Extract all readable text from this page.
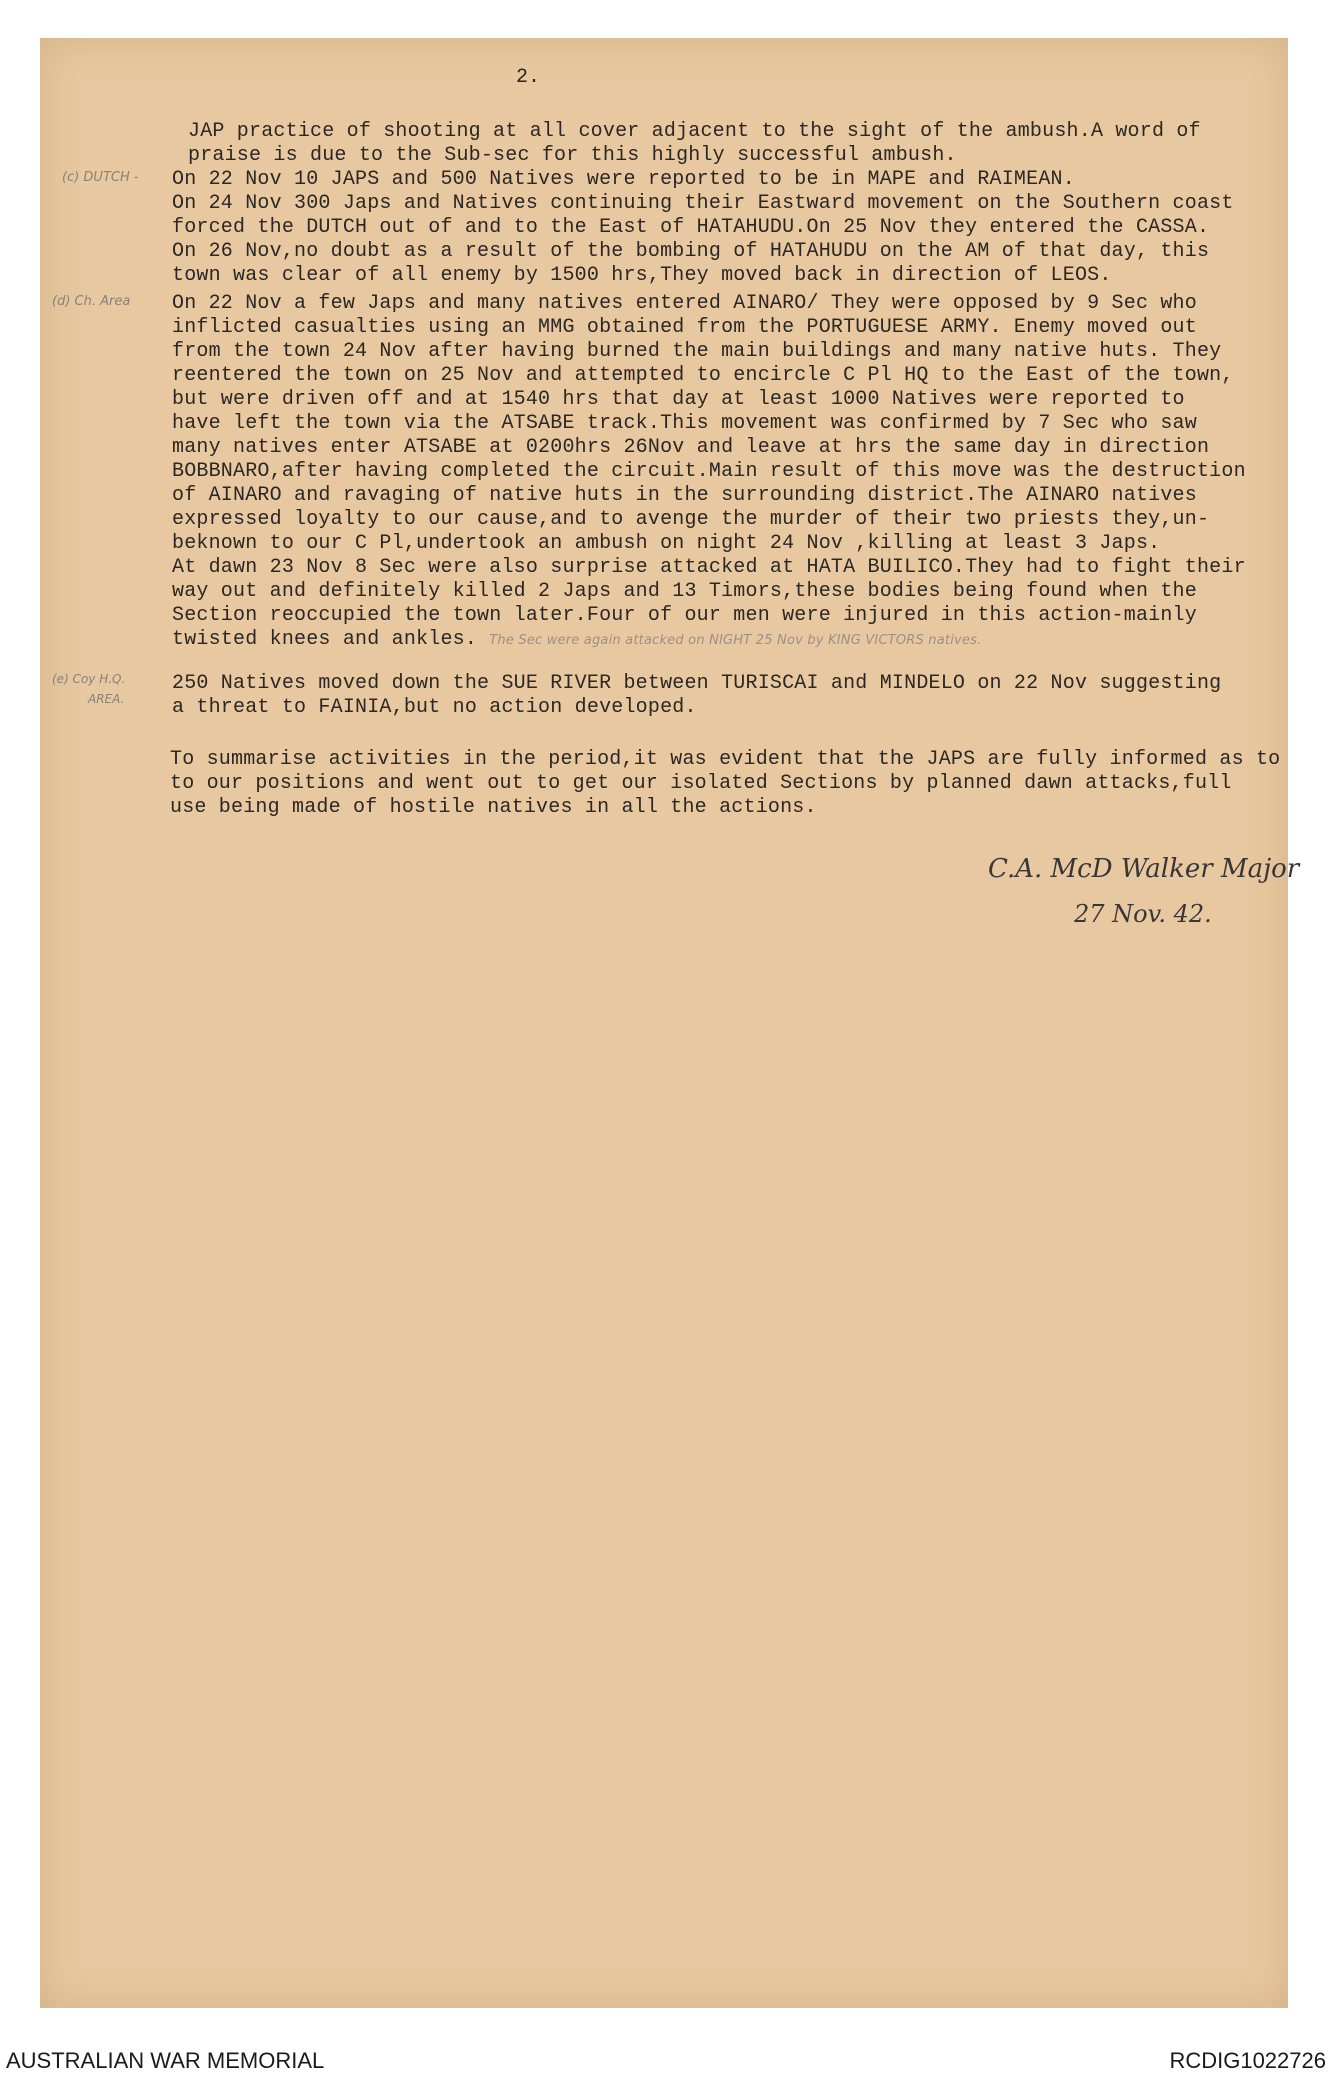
2.
JAP practice of shooting at all cover adjacent to the sight of the ambush.A word of
praise is due to the Sub-sec for this highly successful ambush.
(c) DUTCH - On 22 Nov 10 JAPS and 500 Natives were reported to be in MAPE and RAIMEAN.
On 24 Nov 300 Japs and Natives continuing their Eastward movement on the Southern coast
forced the DUTCH out of and to the East of HATAHUDU.On 25 Nov they entered the CASSA.
On 26 Nov,no doubt as a result of the bombing of HATAHUDU on the AM of that day, this
town was clear of all enemy by 1500 hrs,They moved back in direction of LEOS.
(d) Ch. Area On 22 Nov a few Japs and many natives entered AINARO/ They were opposed by 9 Sec who
inflicted casualties using an MMG obtained from the PORTUGUESE ARMY. Enemy moved out
from the town 24 Nov after having burned the main buildings and many native huts. They
reentered the town on 25 Nov and attempted to encircle C Pl HQ to the East of the town,
but were driven off and at 1540 hrs that day at least 1000 Natives were reported to
have left the town via the ATSABE track.This movement was confirmed by 7 Sec who saw
many natives enter ATSABE at 0200hrs 26Nov and leave at hrs the same day in direction
BOBBNARO,after having completed the circuit.Main result of this move was the destruction
of AINARO and ravaging of native huts in the surrounding district.The AINARO natives
expressed loyalty to our cause,and to avenge the murder of their two priests they,un-
beknown to our C Pl,undertook an ambush on night 24 Nov ,killing at least 3 Japs.
At dawn 23 Nov 8 Sec were also surprise attacked at HATA BUILICO.They had to fight their
way out and definitely killed 2 Japs and 13 Timors,these bodies being found when the
Section reoccupied the town later.Four of our men were injured in this action-mainly
twisted knees and ankles. The Sec were again attacked on NIGHT 25 Nov by KING VICTORS natives.
(e) Coy H.Q.
AREA.
250 Natives moved down the SUE RIVER between TURISCAI and MINDELO on 22 Nov suggesting
a threat to FAINIA,but no action developed.
To summarise activities in the period,it was evident that the JAPS are fully informed as to
to our positions and went out to get our isolated Sections by planned dawn attacks,full
use being made of hostile natives in all the actions.
C.A. McD Walker Major
27 Nov. 42.
AUSTRALIAN WAR MEMORIAL	RCDIG1022726
